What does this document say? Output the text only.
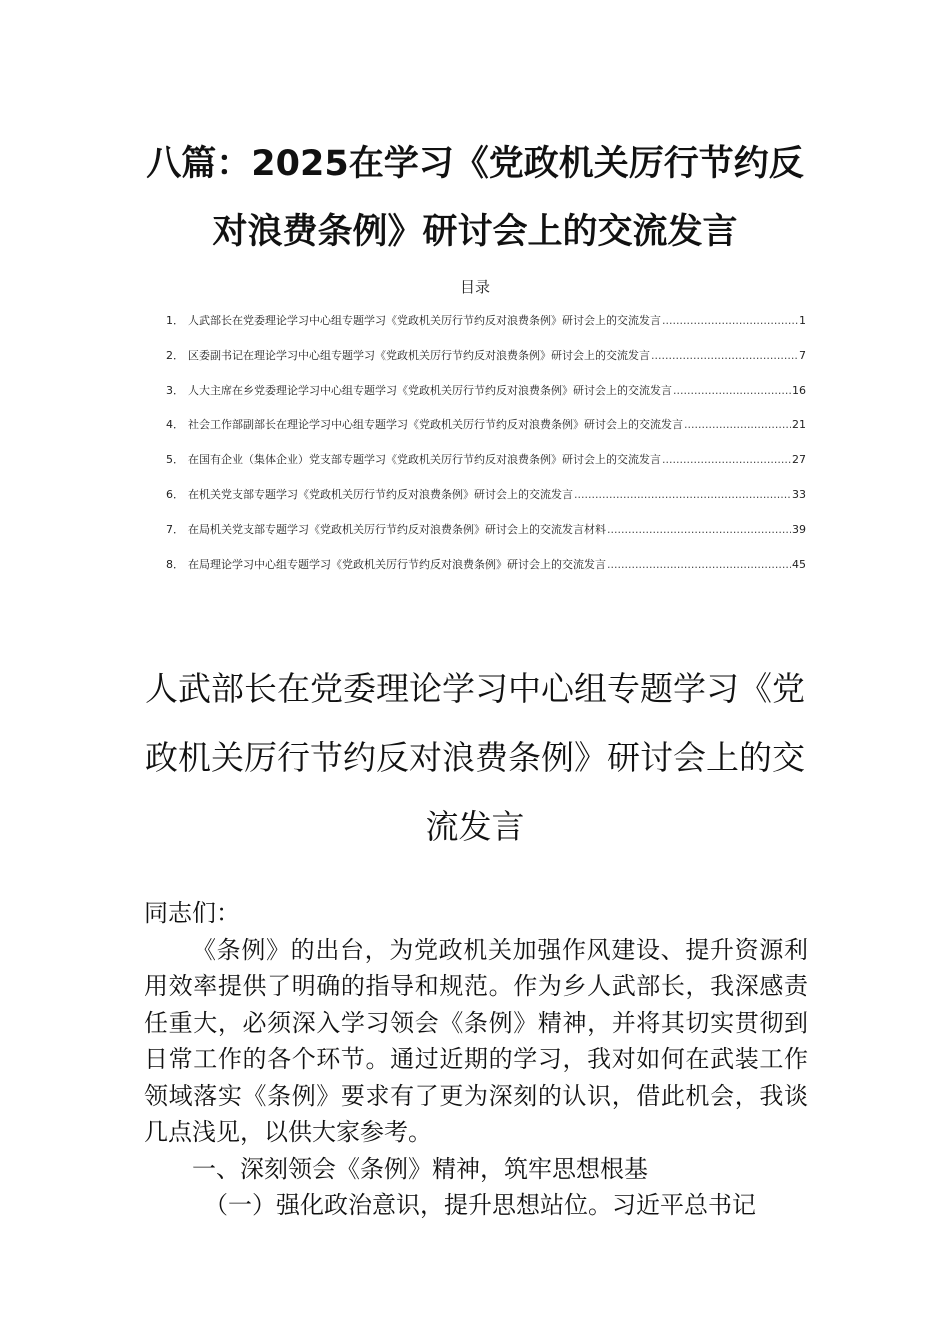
八篇：2025在学习《党政机关厉行节约反对浪费条例》研讨会上的交流发言
目录
1． 人武部长在党委理论学习中心组专题学习《党政机关厉行节约反对浪费条例》研讨会上的交流发言 .....	1
2． 区委副书记在理论学习中心组专题学习《党政机关厉行节约反对浪费条例》研讨会上的交流发言 .....	7
3． 人大主席在乡党委理论学习中心组专题学习《党政机关厉行节约反对浪费条例》研讨会上的交流发言 .....	16
4． 社会工作部副部长在理论学习中心组专题学习《党政机关厉行节约反对浪费条例》研讨会上的交流发言 .....	21
5． 在国有企业（集体企业）党支部专题学习《党政机关厉行节约反对浪费条例》研讨会上的交流发言 .....	27
6． 在机关党支部专题学习《党政机关厉行节约反对浪费条例》研讨会上的交流发言 .....	33
7． 在局机关党支部专题学习《党政机关厉行节约反对浪费条例》研讨会上的交流发言材料 .....	39
8． 在局理论学习中心组专题学习《党政机关厉行节约反对浪费条例》研讨会上的交流发言 .....	45
人武部长在党委理论学习中心组专题学习《党政机关厉行节约反对浪费条例》研讨会上的交流发言

同志们：

《条例》的出台，为党政机关加强作风建设、提升资源利用效率提供了明确的指导和规范。作为乡人武部长，我深感责任重大，必须深入学习领会《条例》精神，并将其切实贯彻到日常工作的各个环节。通过近期的学习，我对如何在武装工作领域落实《条例》要求有了更为深刻的认识，借此机会，我谈几点浅见，以供大家参考。

一、深刻领会《条例》精神，筑牢思想根基

（一）强化政治意识，提升思想站位。习近平总书记
